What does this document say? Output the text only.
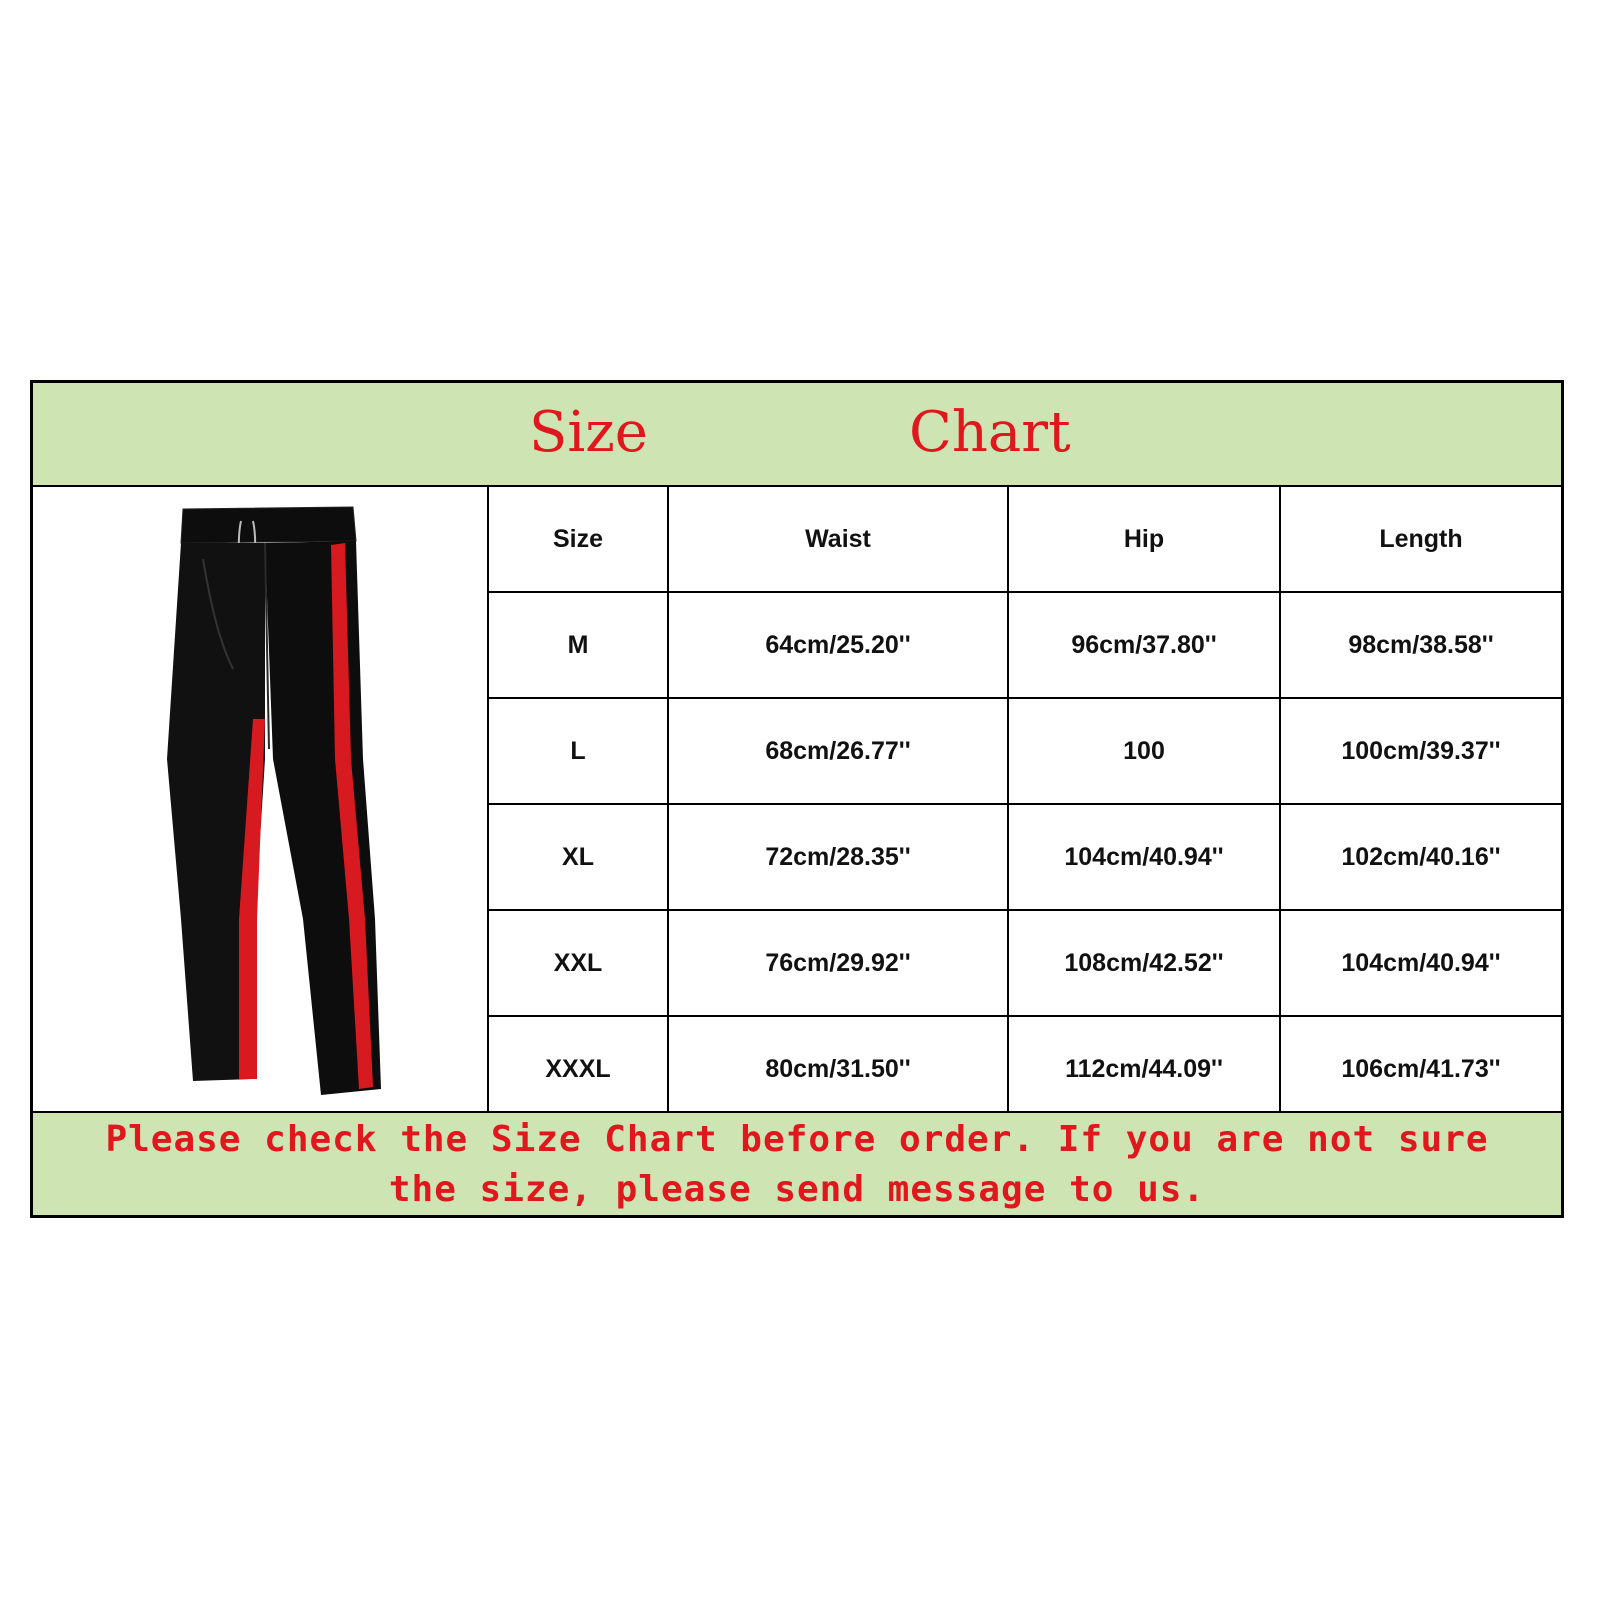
Size	Chart
Size	Waist	Hip	Length
M	64cm/25.20''	96cm/37.80''	98cm/38.58''
L	68cm/26.77''	100	100cm/39.37''
XL	72cm/28.35''	104cm/40.94''	102cm/40.16''
XXL	76cm/29.92''	108cm/42.52''	104cm/40.94''
XXXL	80cm/31.50''	112cm/44.09''	106cm/41.73''
Please check the Size Chart before order. If you are not sure the size, please send message to us.
